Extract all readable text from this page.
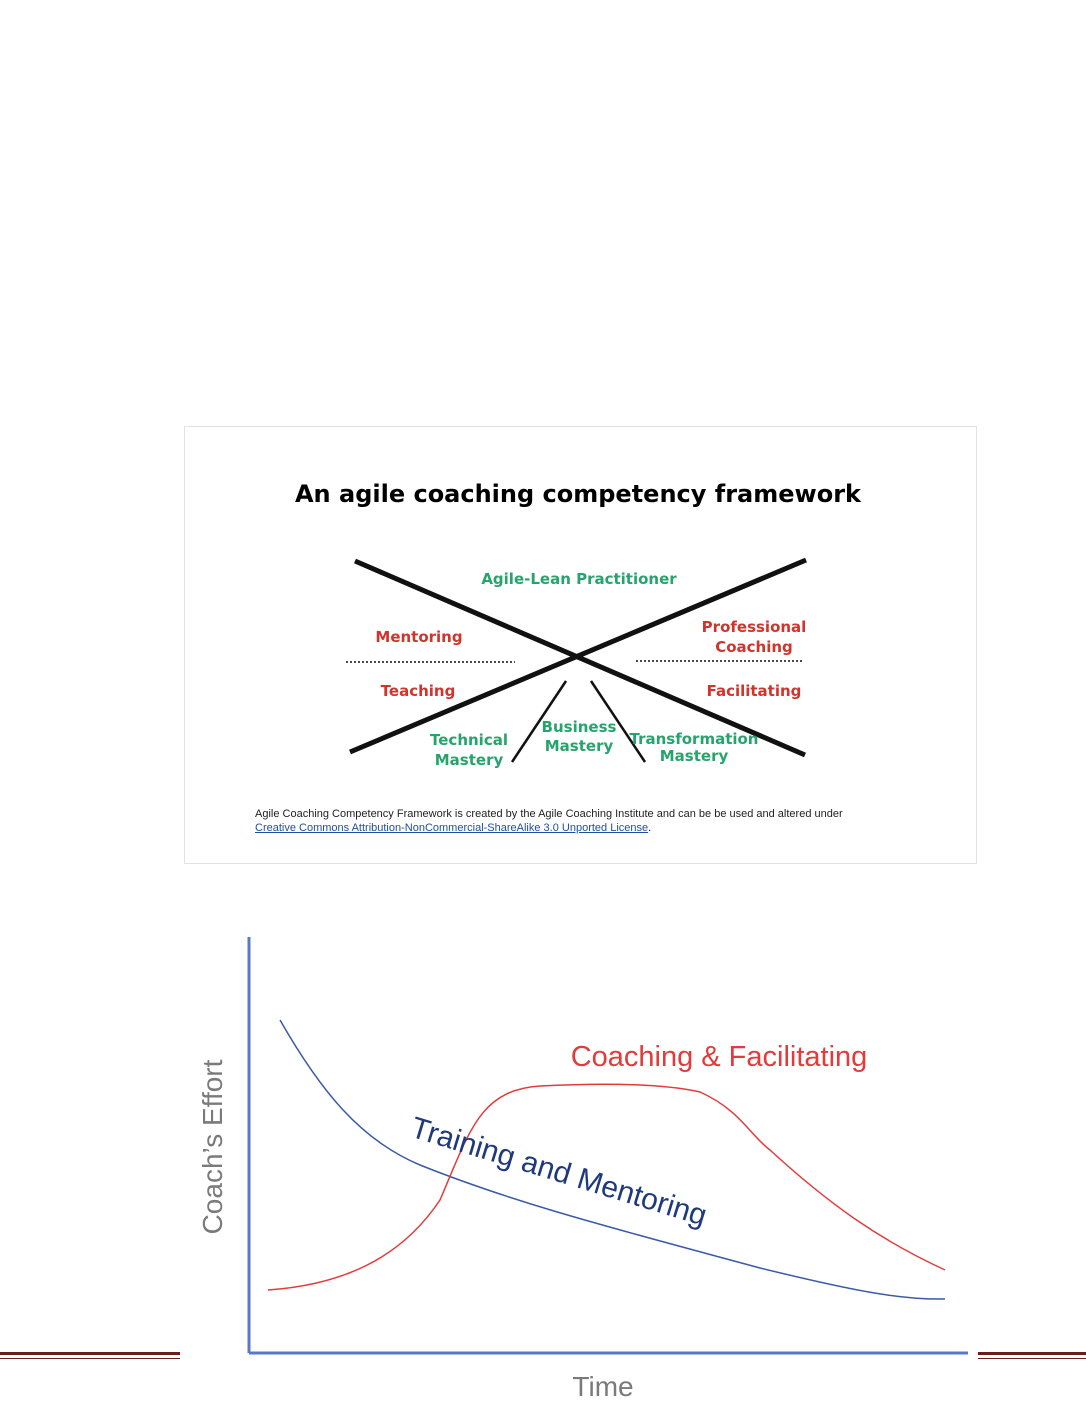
An agile coaching competency framework
Agile-Lean Practitioner
Mentoring
Teaching
Professional
Coaching
Facilitating
Technical
Mastery
Business
Mastery Transformation
Mastery
Agile Coaching Competency Framework is created by the Agile Coaching Institute and can be be used and altered under
Creative Commons Attribution-NonCommercial-ShareAlike 3.0 Unported License.
Coach’s Effort
Time
Coaching & Facilitating
Training and Mentoring
